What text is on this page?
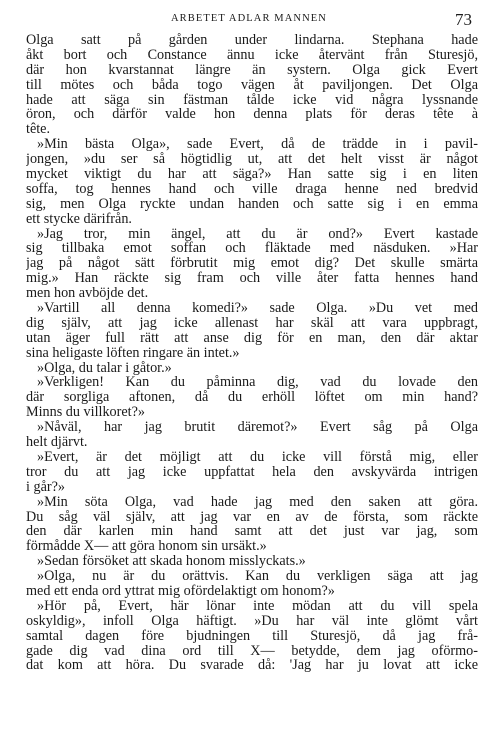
ARBETET ADLAR MANNEN	73
Olga satt på gården under lindarna. Stephana hade
åkt bort och Constance ännu icke återvänt från Sturesjö,
där hon kvarstannat längre än systern. Olga gick Evert
till mötes och båda togo vägen åt paviljongen. Det Olga
hade att säga sin fästman tålde icke vid några lyssnande
öron, och därför valde hon denna plats för deras tête à
tête.
»Min bästa Olga», sade Evert, då de trädde in i pavil-
jongen, »du ser så högtidlig ut, att det helt visst är något
mycket viktigt du har att säga?» Han satte sig i en liten
soffa, tog hennes hand och ville draga henne ned bredvid
sig, men Olga ryckte undan handen och satte sig i en emma
ett stycke därifrån.
»Jag tror, min ängel, att du är ond?» Evert kastade
sig tillbaka emot soffan och fläktade med näsduken. »Har
jag på något sätt förbrutit mig emot dig? Det skulle smärta
mig.» Han räckte sig fram och ville åter fatta hennes hand
men hon avböjde det.
»Vartill all denna komedi?» sade Olga. »Du vet med
dig själv, att jag icke allenast har skäl att vara uppbragt,
utan äger full rätt att anse dig för en man, den där aktar
sina heligaste löften ringare än intet.»
»Olga, du talar i gåtor.»
»Verkligen! Kan du påminna dig, vad du lovade den
där sorgliga aftonen, då du erhöll löftet om min hand?
Minns du villkoret?»
»Nåväl, har jag brutit däremot?» Evert såg på Olga
helt djärvt.
»Evert, är det möjligt att du icke vill förstå mig, eller
tror du att jag icke uppfattat hela den avskyvärda intrigen
i går?»
»Min söta Olga, vad hade jag med den saken att göra.
Du såg väl själv, att jag var en av de första, som räckte
den där karlen min hand samt att det just var jag, som
förmådde X— att göra honom sin ursäkt.»
»Sedan försöket att skada honom misslyckats.»
»Olga, nu är du orättvis. Kan du verkligen säga att jag
med ett enda ord yttrat mig ofördelaktigt om honom?»
»Hör på, Evert, här lönar inte mödan att du vill spela
oskyldig», infoll Olga häftigt. »Du har väl inte glömt vårt
samtal dagen före bjudningen till Sturesjö, då jag frå-
gade dig vad dina ord till X— betydde, dem jag oförmo-
dat kom att höra. Du svarade då: 'Jag har ju lovat att icke
